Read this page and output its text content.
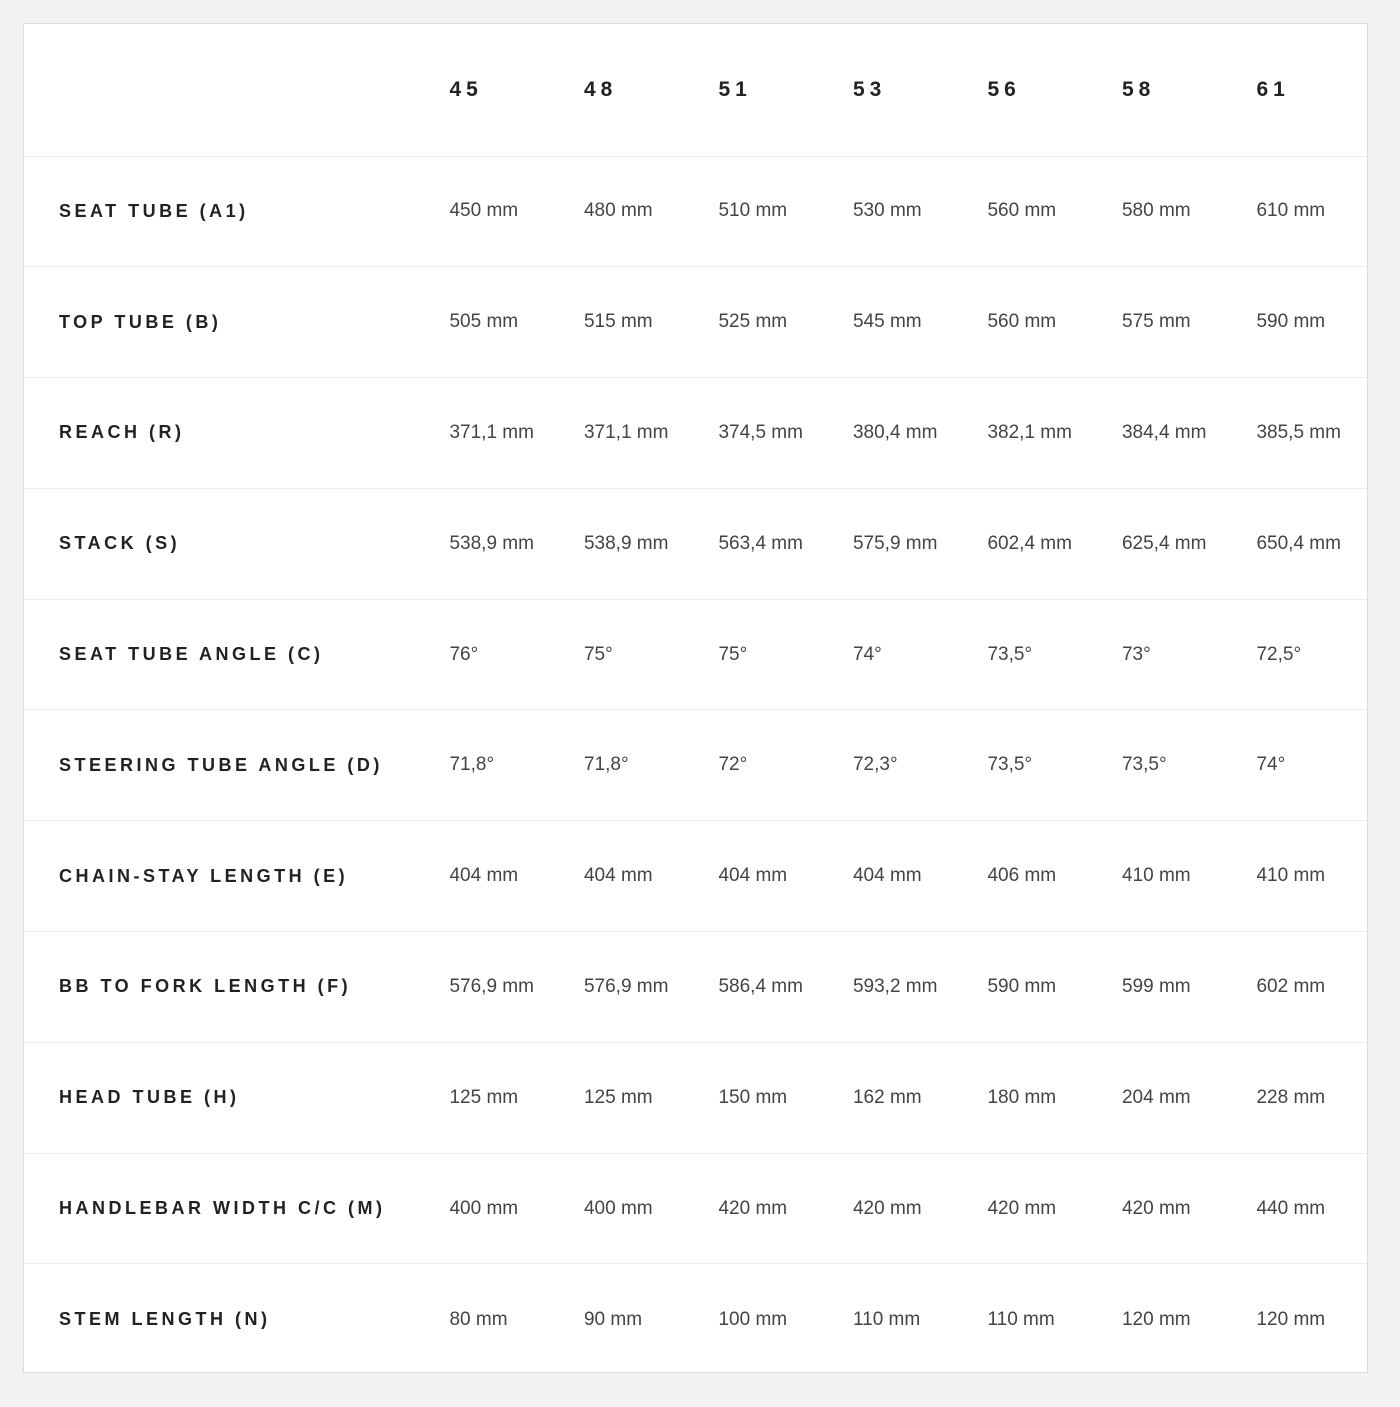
	45	48	51	53	56	58	61
SEAT TUBE (A1)	450 mm	480 mm	510 mm	530 mm	560 mm	580 mm	610 mm
TOP TUBE (B)	505 mm	515 mm	525 mm	545 mm	560 mm	575 mm	590 mm
REACH (R)	371,1 mm	371,1 mm	374,5 mm	380,4 mm	382,1 mm	384,4 mm	385,5 mm
STACK (S)	538,9 mm	538,9 mm	563,4 mm	575,9 mm	602,4 mm	625,4 mm	650,4 mm
SEAT TUBE ANGLE (C)	76°	75°	75°	74°	73,5°	73°	72,5°
STEERING TUBE ANGLE (D)	71,8°	71,8°	72°	72,3°	73,5°	73,5°	74°
CHAIN-STAY LENGTH (E)	404 mm	404 mm	404 mm	404 mm	406 mm	410 mm	410 mm
BB TO FORK LENGTH (F)	576,9 mm	576,9 mm	586,4 mm	593,2 mm	590 mm	599 mm	602 mm
HEAD TUBE (H)	125 mm	125 mm	150 mm	162 mm	180 mm	204 mm	228 mm
HANDLEBAR WIDTH C/C (M)	400 mm	400 mm	420 mm	420 mm	420 mm	420 mm	440 mm
STEM LENGTH (N)	80 mm	90 mm	100 mm	110 mm	110 mm	120 mm	120 mm
